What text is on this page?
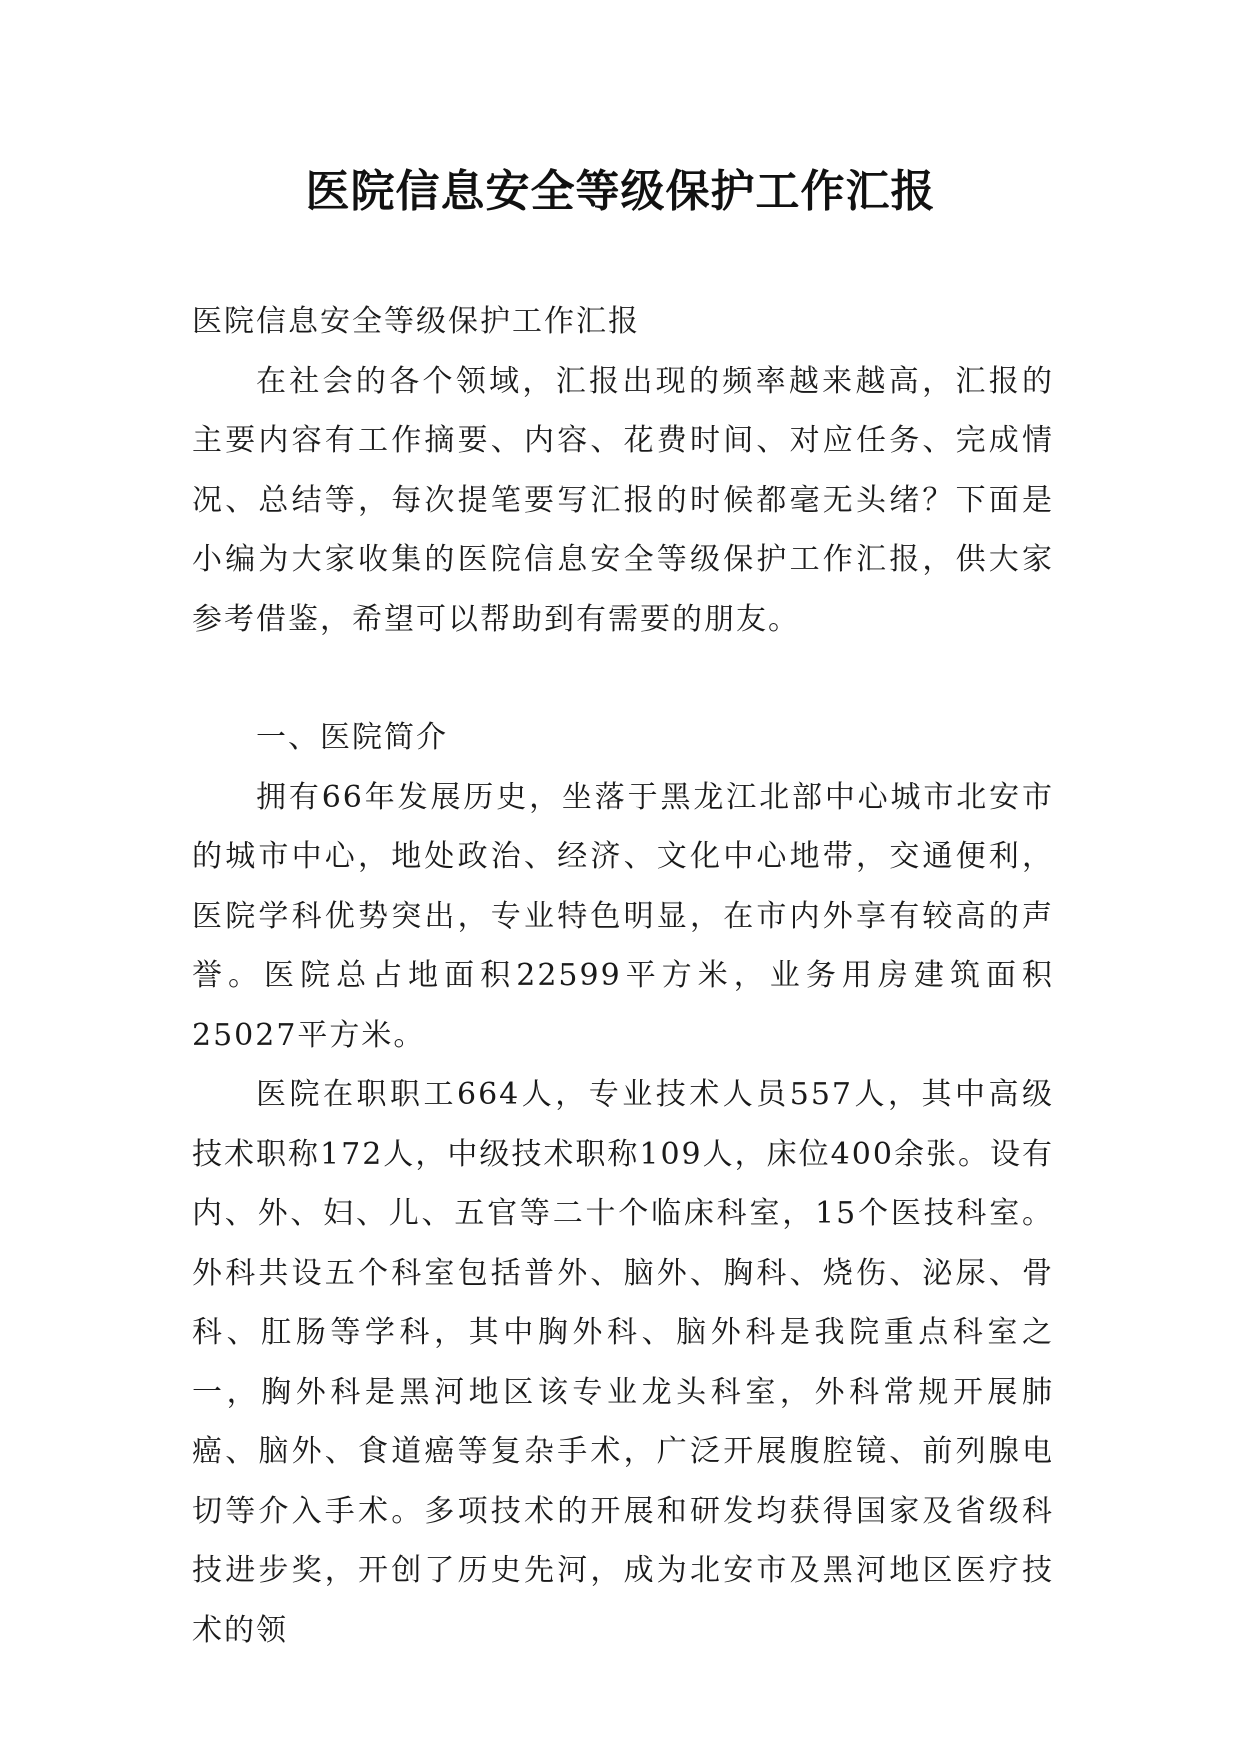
医院信息安全等级保护工作汇报

医院信息安全等级保护工作汇报

在社会的各个领域，汇报出现的频率越来越高，汇报的主要内容有工作摘要、内容、花费时间、对应任务、完成情况、总结等，每次提笔要写汇报的时候都毫无头绪？下面是小编为大家收集的医院信息安全等级保护工作汇报，供大家参考借鉴，希望可以帮助到有需要的朋友。

一、医院简介

拥有66年发展历史，坐落于黑龙江北部中心城市北安市的城市中心，地处政治、经济、文化中心地带，交通便利，医院学科优势突出，专业特色明显，在市内外享有较高的声誉。医院总占地面积22599平方米，业务用房建筑面积25027平方米。

医院在职职工664人，专业技术人员557人，其中高级技术职称172人，中级技术职称109人，床位400余张。设有内、外、妇、儿、五官等二十个临床科室，15个医技科室。外科共设五个科室包括普外、脑外、胸科、烧伤、泌尿、骨科、肛肠等学科，其中胸外科、脑外科是我院重点科室之一，胸外科是黑河地区该专业龙头科室，外科常规开展肺癌、脑外、食道癌等复杂手术，广泛开展腹腔镜、前列腺电切等介入手术。多项技术的开展和研发均获得国家及省级科技进步奖，开创了历史先河，成为北安市及黑河地区医疗技术的领
